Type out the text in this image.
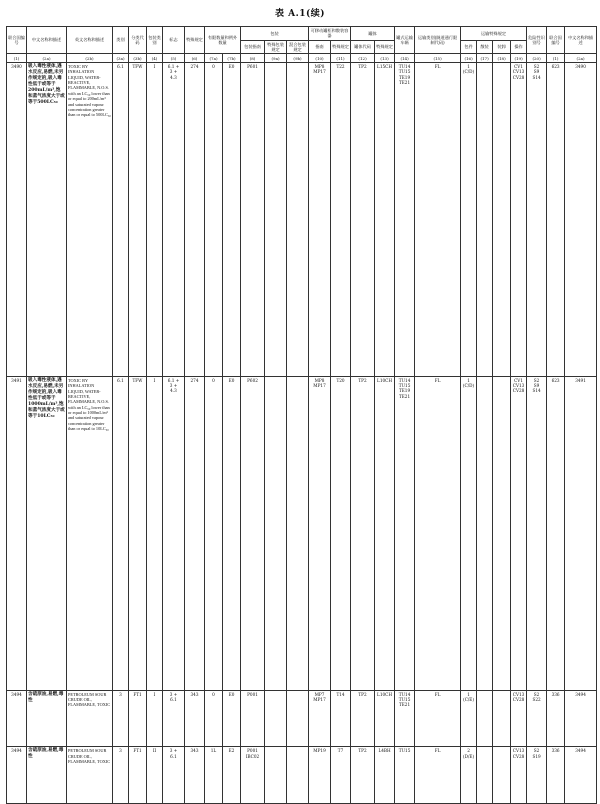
表 A.1(续)
联合国编号	中文名称和描述	英文名称和描述	类别	分类代码	包装类别	标志	特殊规定	有限数量和例外数量		包装			可移动罐柜和散装容器		罐体		罐式运输车辆	运输类别(隧道通行限制代码)	运输特殊规定				危险性识别号	联合国编号	中文名称和描述	
										包装指南	特殊包装规定	混合包装规定	指南	特殊规定	罐体代码	特殊规定			包件	散装	装卸	操作				
(1)	(2a)	(2b)	(3a)	(3b)	(4)	(5)	(6)	(7a)	(7b)	(8)	(9a)	(9b)	(10)	(11)	(12)	(13)	(14)	(15)	(16)	(17)	(18)	(19)	(20)	(1)	(2a)	
3490	吸入毒性液体,遇水反应,易燃,未另作规定的,吸入毒性低于或等于200mL/m³,饱和蒸气浓度大于或等于500LC₅₀	TOXIC BY INHALATION LIQUID, WATER-REACTIVE, FLAMMABLE, N.O.S. with an LC₅₀ lower than or equal to 200mL/m³ and saturated vapour concentration greater than or equal to 500LC₅₀	6.1	TFW	I	6.1 +
3 +
4.3	274	0	E0	P601			MP8
MP17	T22	TP2	L15CH	TU14
TU15
TE19
TE21	FL	1
(C/D)			CV1
CV13
CV28	S2
S9
S14	623	3490	
3491	吸入毒性液体,遇水反应,易燃,未另作规定的,吸入毒性低于或等于1000mL/m³,饱和蒸气浓度大于或等于10LC₅₀	TOXIC BY INHALATION LIQUID, WATER-REACTIVE, FLAMMABLE, N.O.S. with an LC₅₀ lower than or equal to 1000mL/m³ and saturated vapour concentration greater than or equal to 10LC₅₀	6.1	TFW	I	6.1 +
3 +
4.3	274	0	E0	P602			MP8
MP17	T20	TP2	L10CH	TU14
TU15
TE19
TE21	FL	1
(C/D)			CV1
CV13
CV28	S2
S9
S14	623	3491	
3494	含硫原油,易燃,毒性	PETROLEUM SOUR CRUDE OIL, FLAMMABLE, TOXIC	3	FT1	I	3 +
6.1	343	0	E0	P001			MP7
MP17	T14	TP2	L10CH	TU14
TU15
TE21	FL	1
(C/E)			CV13
CV28	S2
S22	336	3494	
3494	含硫原油,易燃,毒性	PETROLEUM SOUR CRUDE OIL, FLAMMABLE, TOXIC	3	FT1	II	3 +
6.1	343	1L	E2	P001
IBC02			MP19	T7	TP2	L4BH	TU15	FL	2
(D/E)			CV13
CV28	S2
S19	336	3494	
